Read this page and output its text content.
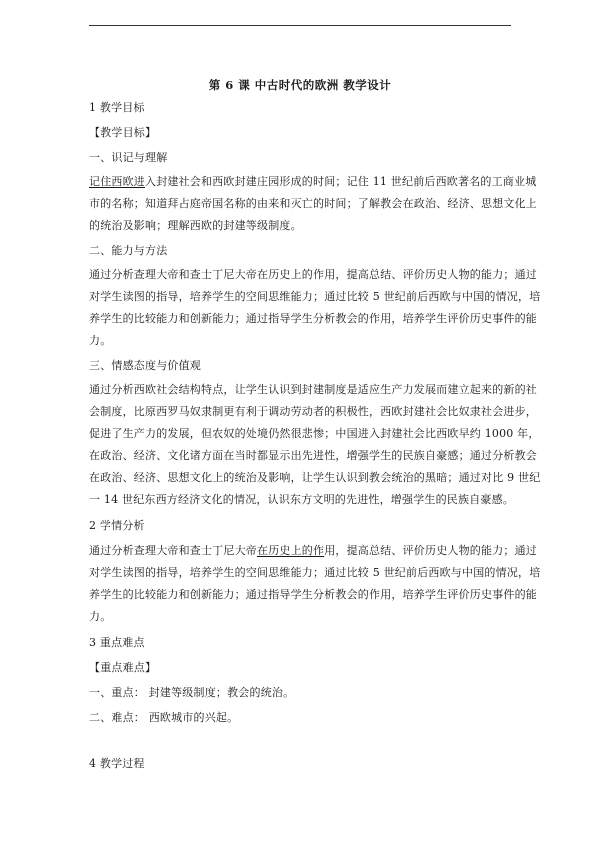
第 6 课 中古时代的欧洲 教学设计
1 教学目标
【教学目标】
一、识记与理解
记住西欧进入封建社会和西欧封建庄园形成的时间；记住 11 世纪前后西欧著名的工商业城
市的名称；知道拜占庭帝国名称的由来和灭亡的时间；了解教会在政治、经济、思想文化上
的统治及影响；理解西欧的封建等级制度。
二、能力与方法
通过分析查理大帝和查士丁尼大帝在历史上的作用，提高总结、评价历史人物的能力；通过
对学生读图的指导，培养学生的空间思维能力；通过比较 5 世纪前后西欧与中国的情况，培
养学生的比较能力和创新能力；通过指导学生分析教会的作用，培养学生评价历史事件的能
力。
三、情感态度与价值观
通过分析西欧社会结构特点，让学生认识到封建制度是适应生产力发展而建立起来的新的社
会制度，比原西罗马奴隶制更有利于调动劳动者的积极性，西欧封建社会比奴隶社会进步，
促进了生产力的发展，但农奴的处境仍然很悲惨；中国进入封建社会比西欧早约 1000 年，
在政治、经济、文化诸方面在当时都显示出先进性，增强学生的民族自豪感；通过分析教会
在政治、经济、思想文化上的统治及影响，让学生认识到教会统治的黑暗；通过对比 9 世纪
一 14 世纪东西方经济文化的情况，认识东方文明的先进性，增强学生的民族自豪感。
2 学情分析
通过分析查理大帝和查士丁尼大帝在历史上的作用，提高总结、评价历史人物的能力；通过
对学生读图的指导，培养学生的空间思维能力；通过比较 5 世纪前后西欧与中国的情况，培
养学生的比较能力和创新能力；通过指导学生分析教会的作用，培养学生评价历史事件的能
力。
3 重点难点
【重点难点】
一、重点： 封建等级制度；教会的统治。
二、难点： 西欧城市的兴起。
4 教学过程
